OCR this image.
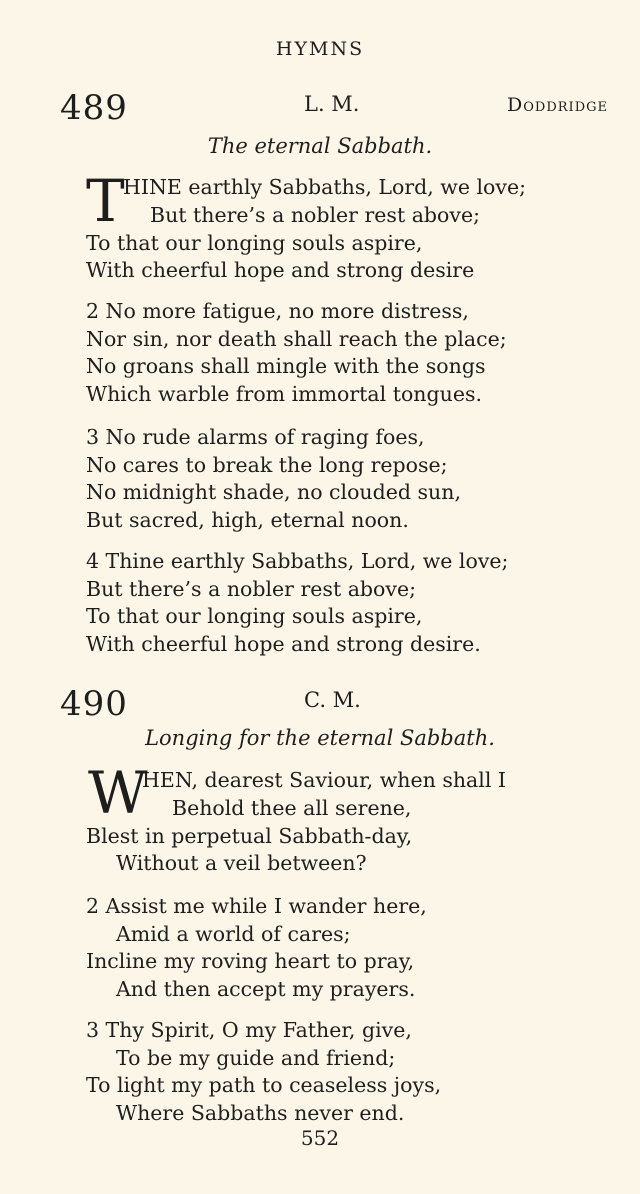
HYMNS
489	L. M.	Doddridge
The eternal Sabbath.
T
HINE earthly Sabbaths, Lord, we love;
But there’s a nobler rest above;
To that our longing souls aspire,
With cheerful hope and strong desire
2 No more fatigue, no more distress,
Nor sin, nor death shall reach the place;
No groans shall mingle with the songs
Which warble from immortal tongues.
3 No rude alarms of raging foes,
No cares to break the long repose;
No midnight shade, no clouded sun,
But sacred, high, eternal noon.
4 Thine earthly Sabbaths, Lord, we love;
But there’s a nobler rest above;
To that our longing souls aspire,
With cheerful hope and strong desire.
490	C. M.
Longing for the eternal Sabbath.
W
HEN, dearest Saviour, when shall I
Behold thee all serene,
Blest in perpetual Sabbath-day,
Without a veil between?
2 Assist me while I wander here,
Amid a world of cares;
Incline my roving heart to pray,
And then accept my prayers.
3 Thy Spirit, O my Father, give,
To be my guide and friend;
To light my path to ceaseless joys,
Where Sabbaths never end.
552
